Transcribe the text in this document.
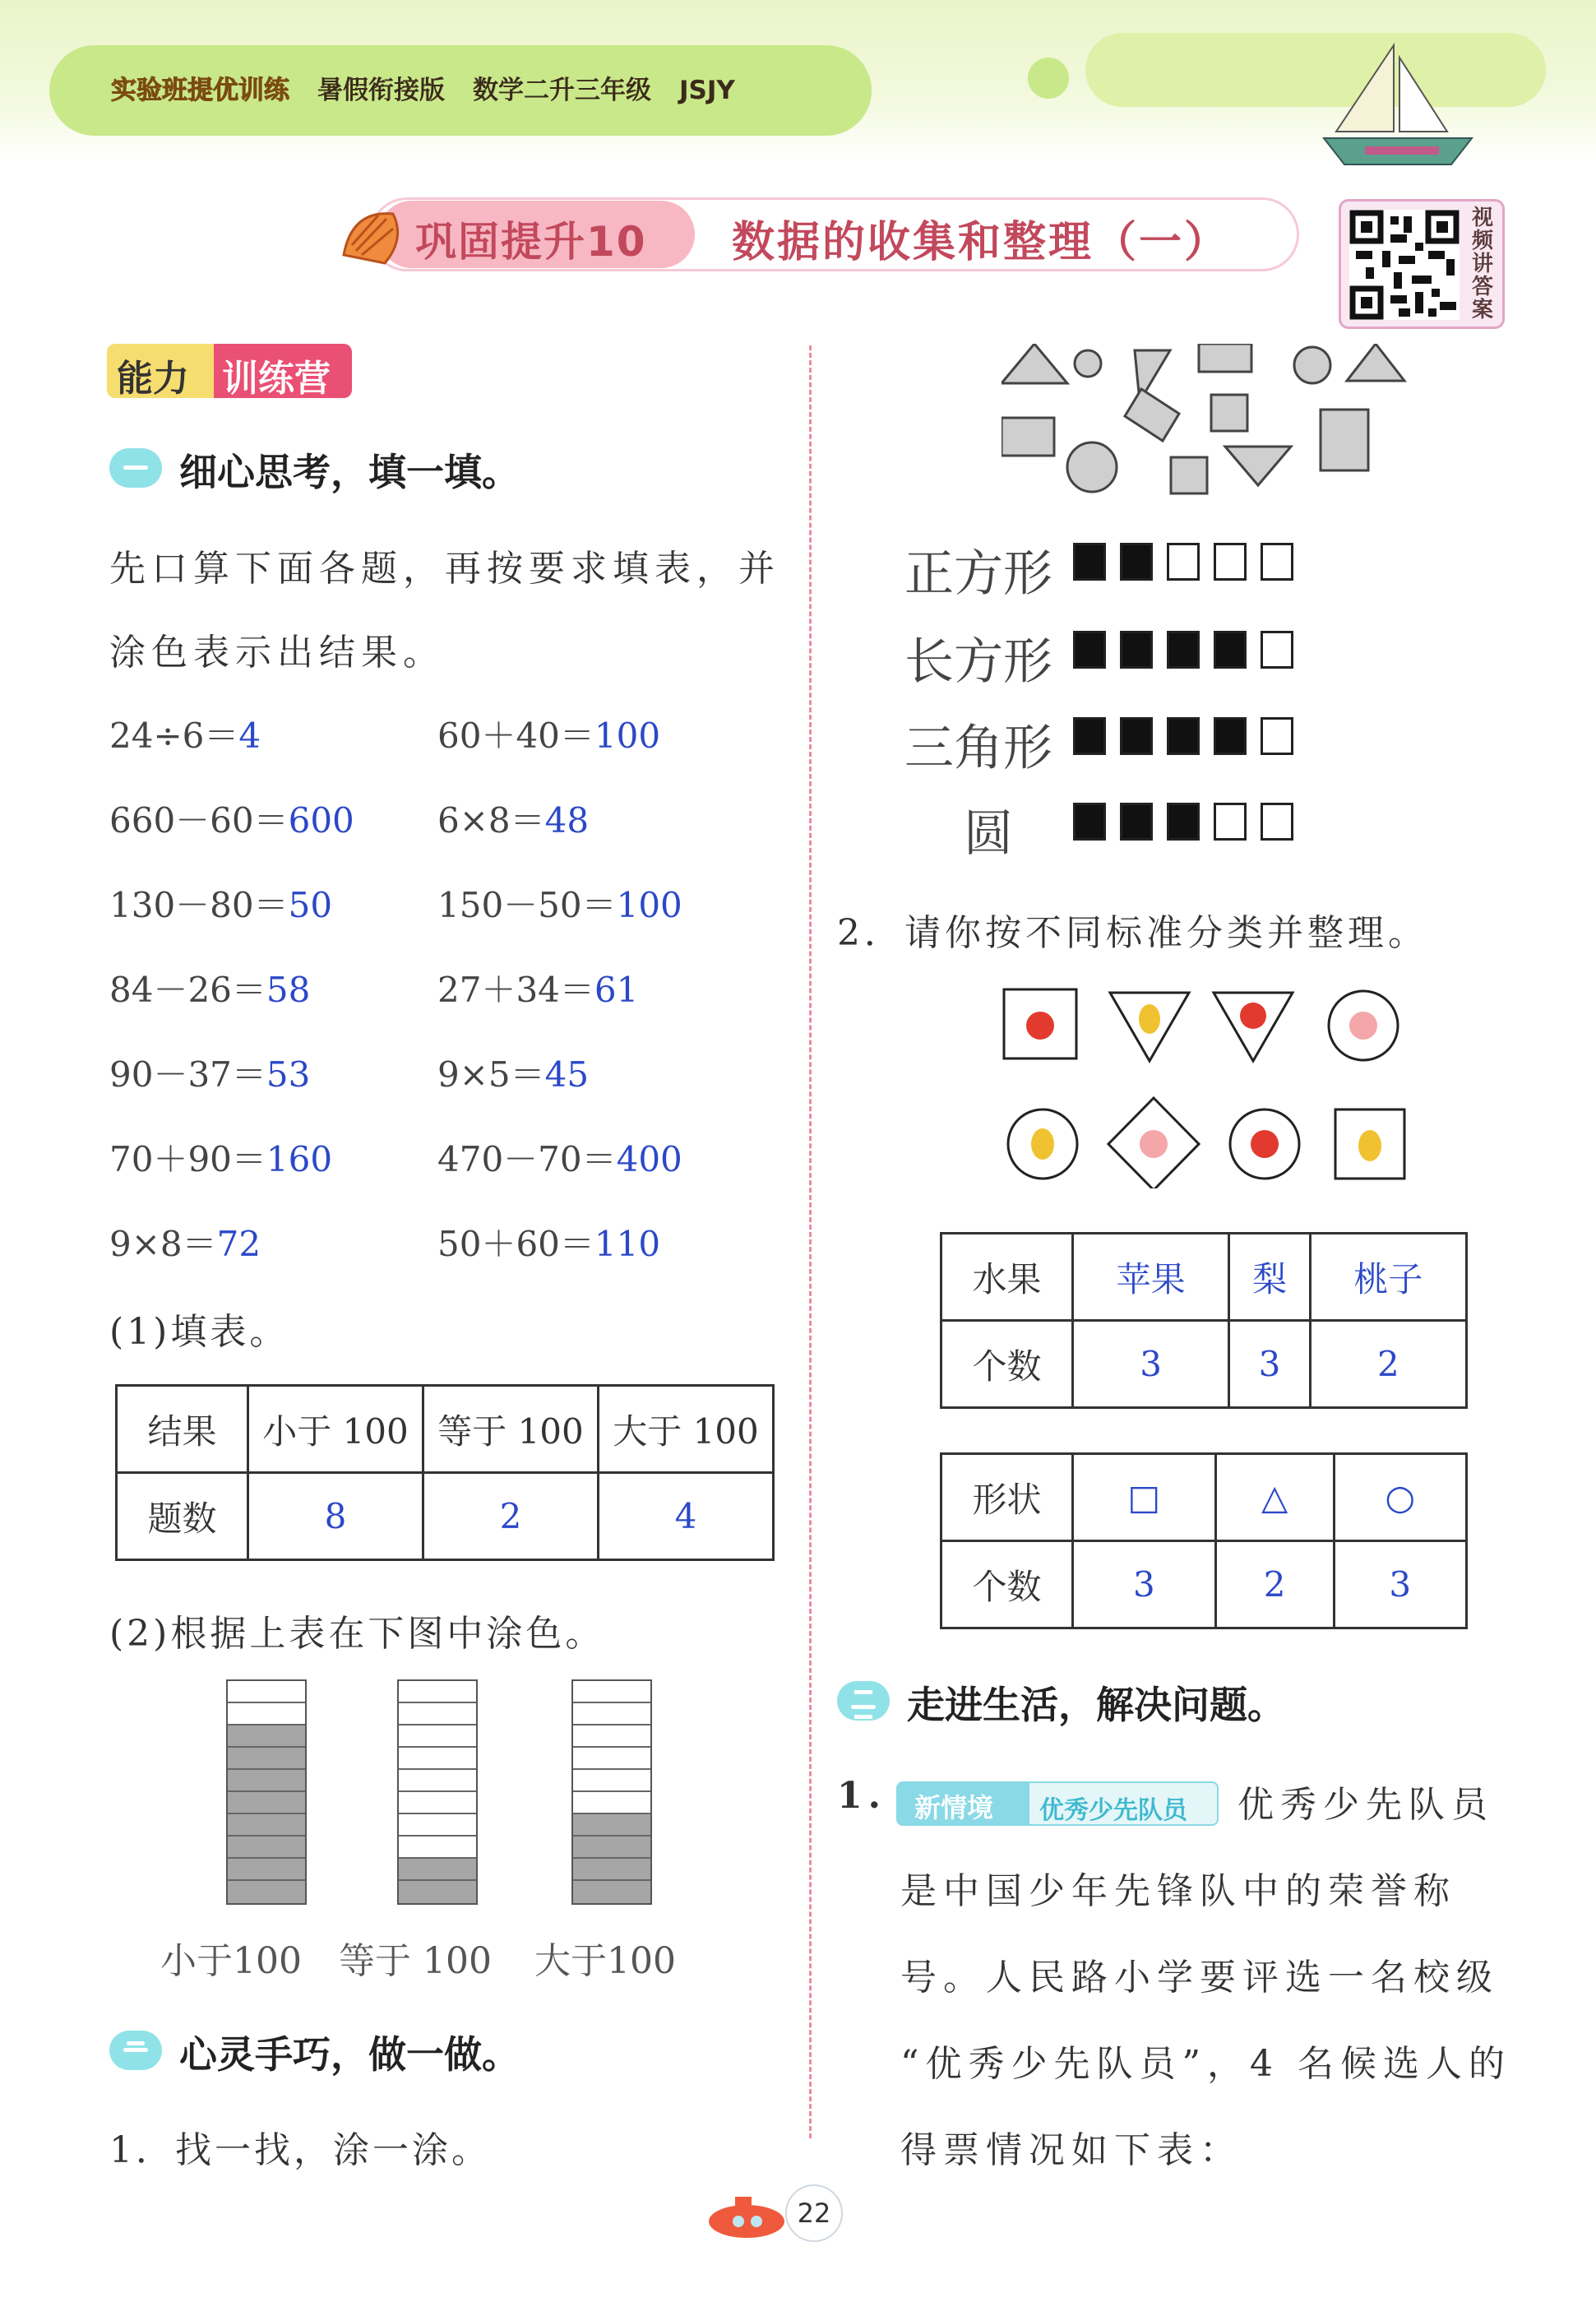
实验班提优训练 暑假衔接版 数学二升三年级 JSJY
巩固提升10 数据的收集和整理（一）	视频讲答案
能力 训练营
细心思考，填一填。
先口算下面各题，再按要求填表，并
涂色表示出结果。
24÷6＝4
660－60＝600
130－80＝50
84－26＝58
90－37＝53
70＋90＝160
9×8＝72
60＋40＝100
6×8＝48
150－50＝100
27＋34＝61
9×5＝45
470－70＝400
50＋60＝110
(1)填表。
结果	小于 100	等于 100	大于 100
题数	8	2	4
(2)根据上表在下图中涂色。
小于100 等于 100 大于100
心灵手巧，做一做。
1．找一找，涂一涂。
正方形
长方形
三角形
圆
2．请你按不同标准分类并整理。
水果	苹果	梨	桃子
个数	3	3	2
形状	□	△	○
个数	3	2	3
走进生活，解决问题。
1.	新情境	优秀少先队员	优秀少先队员
是中国少年先锋队中的荣誉称
号。人民路小学要评选一名校级
“优秀少先队员”，4 名候选人的
得票情况如下表：
22
